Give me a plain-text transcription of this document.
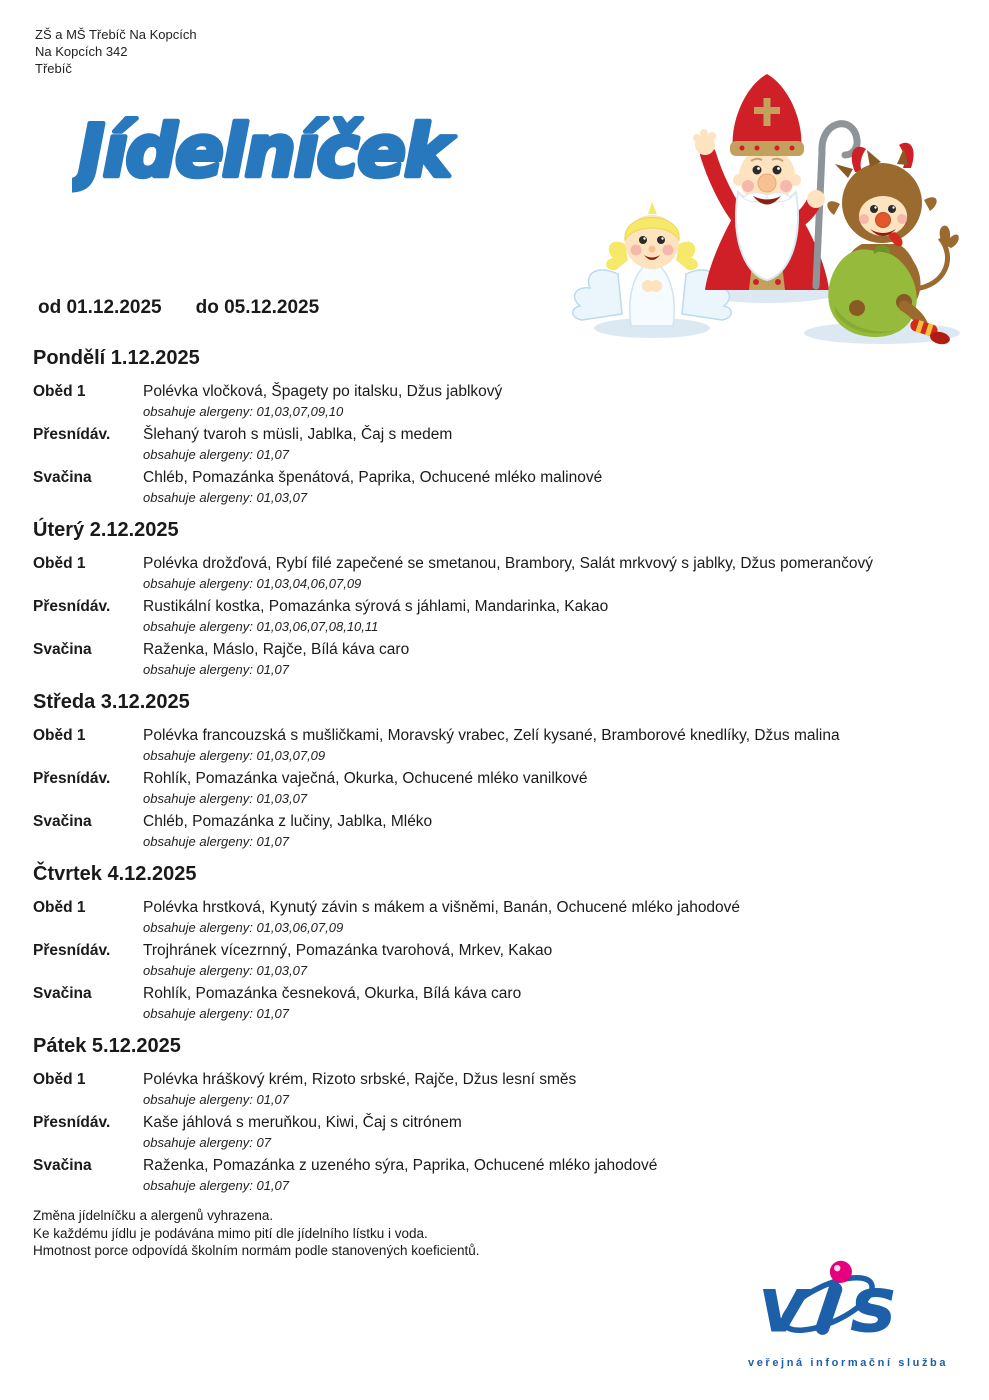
ZŠ a MŠ Třebíč Na Kopcích
Na Kopcích 342
Třebíč
Jídelníček
od 01.12.2025 do 05.12.2025
Pondělí 1.12.2025
Oběd 1	Polévka vločková, Špagety po italsku, Džus jablkový
obsahuje alergeny: 01,03,07,09,10
Přesnídáv.	Šlehaný tvaroh s müsli, Jablka, Čaj s medem
obsahuje alergeny: 01,07
Svačina	Chléb, Pomazánka špenátová, Paprika, Ochucené mléko malinové
obsahuje alergeny: 01,03,07
Úterý 2.12.2025
Oběd 1	Polévka drožďová, Rybí filé zapečené se smetanou, Brambory, Salát mrkvový s jablky, Džus pomerančový
obsahuje alergeny: 01,03,04,06,07,09
Přesnídáv.	Rustikální kostka, Pomazánka sýrová s jáhlami, Mandarinka, Kakao
obsahuje alergeny: 01,03,06,07,08,10,11
Svačina	Raženka, Máslo, Rajče, Bílá káva caro
obsahuje alergeny: 01,07
Středa 3.12.2025
Oběd 1	Polévka francouzská s mušličkami, Moravský vrabec, Zelí kysané, Bramborové knedlíky, Džus malina
obsahuje alergeny: 01,03,07,09
Přesnídáv.	Rohlík, Pomazánka vaječná, Okurka, Ochucené mléko vanilkové
obsahuje alergeny: 01,03,07
Svačina	Chléb, Pomazánka z lučiny, Jablka, Mléko
obsahuje alergeny: 01,07
Čtvrtek 4.12.2025
Oběd 1	Polévka hrstková, Kynutý závin s mákem a višněmi, Banán, Ochucené mléko jahodové
obsahuje alergeny: 01,03,06,07,09
Přesnídáv.	Trojhránek vícezrnný, Pomazánka tvarohová, Mrkev, Kakao
obsahuje alergeny: 01,03,07
Svačina	Rohlík, Pomazánka česneková, Okurka, Bílá káva caro
obsahuje alergeny: 01,07
Pátek 5.12.2025
Oběd 1	Polévka hráškový krém, Rizoto srbské, Rajče, Džus lesní směs
obsahuje alergeny: 01,07
Přesnídáv.	Kaše jáhlová s meruňkou, Kiwi, Čaj s citrónem
obsahuje alergeny: 07
Svačina	Raženka, Pomazánka z uzeného sýra, Paprika, Ochucené mléko jahodové
obsahuje alergeny: 01,07
Změna jídelníčku a alergenů vyhrazena.
Ke každému jídlu je podávána mimo pití dle jídelního lístku i voda.
Hmotnost porce odpovídá školním normám podle stanovených koeficientů.
v s
veřejná informační služba
